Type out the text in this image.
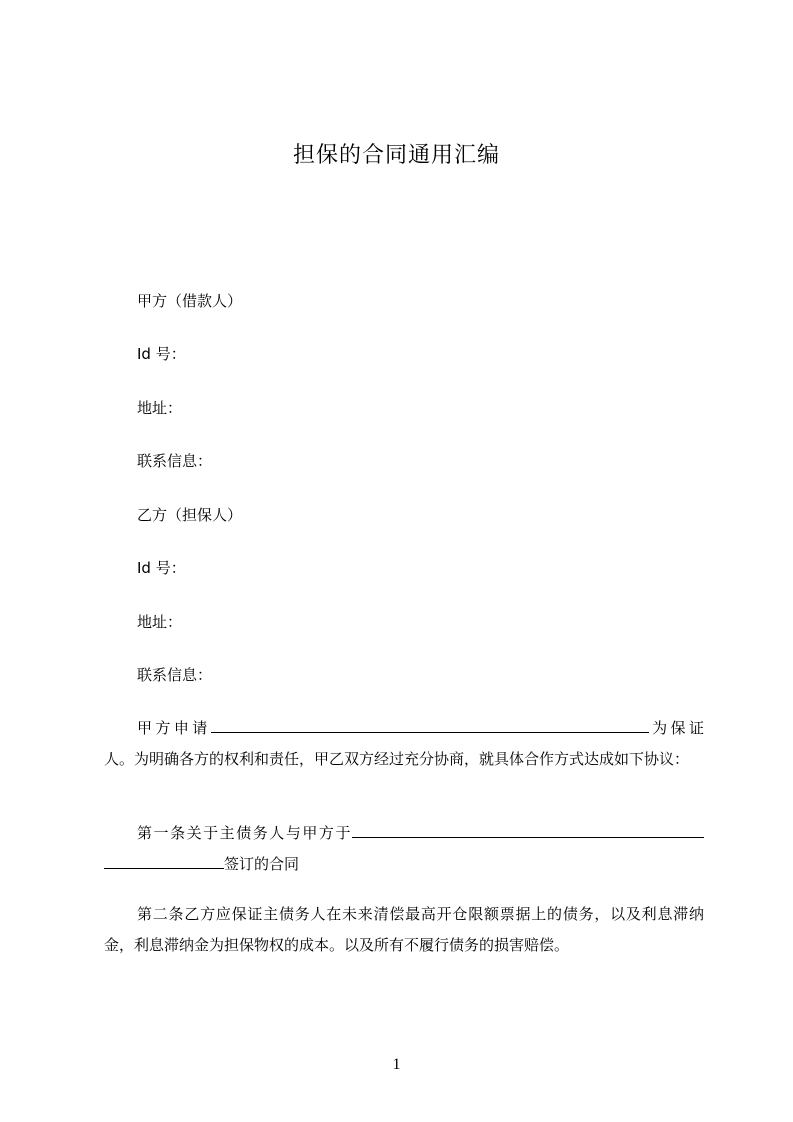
担保的合同通用汇编
甲方（借款人）
Id 号：
地址：
联系信息：
乙方（担保人）
Id 号：
地址：
联系信息：
甲方申请	为保证人。为明确各方的权利和责任，甲乙双方经过充分协商，就具体合作方式达成如下协议：
第一条关于主债务人与甲方于签订的合同
第二条乙方应保证主债务人在未来清偿最高开仓限额票据上的债务，以及利息滞纳金，利息滞纳金为担保物权的成本。以及所有不履行债务的损害赔偿。
1
